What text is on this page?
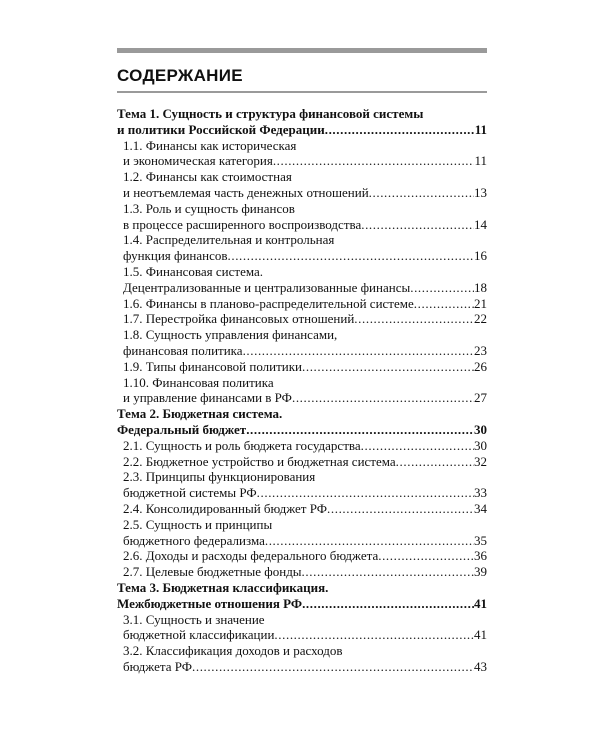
СОДЕРЖАНИЕ
Тема 1. Сущность и структура финансовой системы
и политики Российской Федерации .....	11
1.1. Финансы как историческая
и экономическая категория .....	11
1.2. Финансы как стоимостная
и неотъемлемая часть денежных отношений .....	13
1.3. Роль и сущность финансов
в процессе расширенного воспроизводства .....	14
1.4. Распределительная и контрольная
функция финансов .....	16
1.5. Финансовая система.
Децентрализованные и централизованные финансы .....	18
1.6. Финансы в планово-распределительной системе .....	21
1.7. Перестройка финансовых отношений .....	22
1.8. Сущность управления финансами,
финансовая политика .....	23
1.9. Типы финансовой политики .....	26
1.10. Финансовая политика
и управление финансами в РФ .....	27
Тема 2. Бюджетная система.
Федеральный бюджет .....	30
2.1. Сущность и роль бюджета государства .....	30
2.2. Бюджетное устройство и бюджетная система .....	32
2.3. Принципы функционирования
бюджетной системы РФ .....	33
2.4. Консолидированный бюджет РФ .....	34
2.5. Сущность и принципы
бюджетного федерализма .....	35
2.6. Доходы и расходы федерального бюджета .....	36
2.7. Целевые бюджетные фонды .....	39
Тема 3. Бюджетная классификация.
Межбюджетные отношения РФ .....	41
3.1. Сущность и значение
бюджетной классификации .....	41
3.2. Классификация доходов и расходов
бюджета РФ .....	43
